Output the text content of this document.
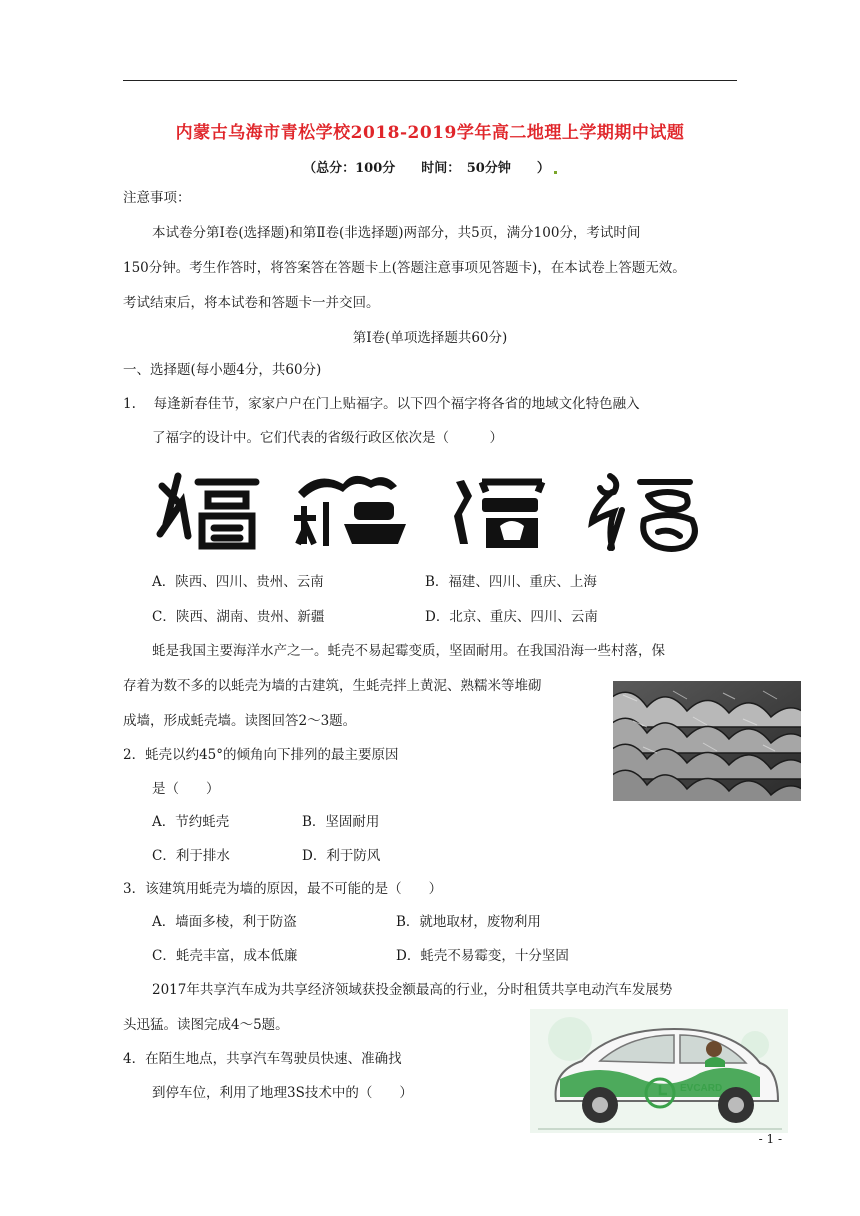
内蒙古乌海市青松学校2018-2019学年高二地理上学期期中试题
（总分：100分　　时间：　50分钟　　）
注意事项：
本试卷分第Ⅰ卷(选择题)和第Ⅱ卷(非选择题)两部分，共5页，满分100分，考试时间
150分钟。考生作答时，将答案答在答题卡上(答题注意事项见答题卡)，在本试卷上答题无效。
考试结束后，将本试卷和答题卡一并交回。
第Ⅰ卷(单项选择题共60分)
一、选择题(每小题4分，共60分)
1.　 每逢新春佳节，家家户户在门上贴福字。以下四个福字将各省的地域文化特色融入
了福字的设计中。它们代表的省级行政区依次是（　　　）
A．陕西、四川、贵州、云南	B．福建、四川、重庆、上海
C．陕西、湖南、贵州、新疆	D．北京、重庆、四川、云南
蚝是我国主要海洋水产之一。蚝壳不易起霉变质，坚固耐用。在我国沿海一些村落，保
存着为数不多的以蚝壳为墙的古建筑，生蚝壳拌上黄泥、熟糯米等堆砌
成墙，形成蚝壳墙。读图回答2～3题。
2．蚝壳以约45°的倾角向下排列的最主要原因
是（　　）
A．节约蚝壳	B．坚固耐用
C．利于排水	D．利于防风
3．该建筑用蚝壳为墙的原因，最不可能的是（　　）
A．墙面多棱，利于防盗	B．就地取材，废物利用
C．蚝壳丰富，成本低廉	D．蚝壳不易霉变，十分坚固
2017年共享汽车成为共享经济领域获投金额最高的行业，分时租赁共享电动汽车发展势
头迅猛。读图完成4～5题。
4．在陌生地点，共享汽车驾驶员快速、准确找
到停车位，利用了地理3S技术中的（　　）	EVCARD
- 1 -
